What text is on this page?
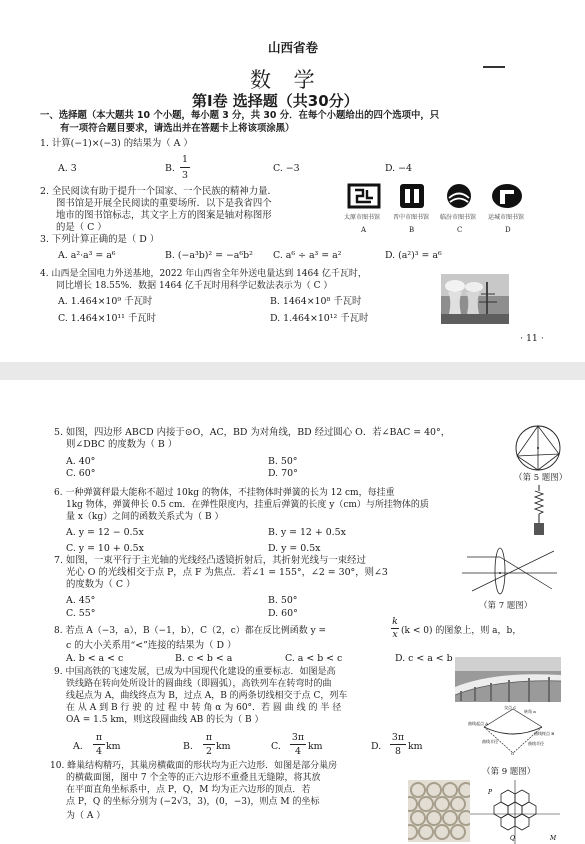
山西省卷
数 学
第Ⅰ卷 选择题（共30分）
一、选择题（本大题共 10 个小题，每小题 3 分，共 30 分．在每个小题给出的四个选项中，只
有一项符合题目要求，请选出并在答题卡上将该项涂黑）
1. 计算(−1)×(−3) 的结果为（ A ）
A. 3	B.
1
3
C. −3	D. −4
2. 全民阅读有助于提升一个国家、一个民族的精神力量．
图书馆是开展全民阅读的重要场所．以下是我省四个
地市的图书馆标志，其文字上方的图案是轴对称图形
的是（ C ）
太原市图书馆 晋中市图书馆 临汾市图书馆 运城市图书馆
A	B	C	D
3. 下列计算正确的是（ D ）
A. a²·a³ = a⁶	B. (−a³b)² = −a⁶b² C. a⁶ ÷ a³ = a²	D. (a²)³ = a⁶
4. 山西是全国电力外送基地，2022 年山西省全年外送电量达到 1464 亿千瓦时，
同比增长 18.55%．数据 1464 亿千瓦时用科学记数法表示为（ C ）
A. 1.464×10⁹ 千瓦时	B. 1464×10⁸ 千瓦时
C. 1.464×10¹¹ 千瓦时	D. 1.464×10¹² 千瓦时
· 11 ·
5. 如图，四边形 ABCD 内接于⊙O，AC，BD 为对角线，BD 经过圆心 O．若∠BAC = 40°，
则∠DBC 的度数为（ B ）
A. 40°	B. 50°
C. 60°	D. 70°	（第 5 题图）
6. 一种弹簧秤最大能称不超过 10kg 的物体，不挂物体时弹簧的长为 12 cm，每挂重
1kg 物体，弹簧伸长 0.5 cm．在弹性限度内，挂重后弹簧的长度 y（cm）与所挂物体的质
量 x（kg）之间的函数关系式为（ B ）
A. y = 12 − 0.5x	B. y = 12 + 0.5x
C. y = 10 + 0.5x	D. y = 0.5x
7. 如图，一束平行于主光轴的光线经凸透镜折射后，其折射光线与一束经过
光心 O 的光线相交于点 P，点 F 为焦点．若∠1 = 155°，∠2 = 30°，则∠3
的度数为（ C ）
A. 45°	B. 50°
C. 55°	D. 60°
（第 7 题图）
8. 若点 A（−3，a），B（−1，b），C（2，c）都在反比例函数 y =
k
x (k < 0) 的图象上，则 a，b，
c 的大小关系用“<”连接的结果为（ D ）
A. b < a < c	B. c < b < a	C. a < b < c	D. c < a < b
9. 中国高铁的飞速发展，已成为中国现代化建设的重要标志．如图是高
铁线路在转向处所设计的圆曲线（即圆弧），高铁列车在转弯时的曲
线起点为 A，曲线终点为 B，过点 A，B 的两条切线相交于点 C，列车
在 从 A 到 B 行 驶 的 过 程 中 转 角 α 为 60°．若 圆 曲 线 的 半 径
OA = 1.5 km，则这段圆曲线 AB 的长为（ B ）
A.
π
4 km	B.
π
2 km	C.
3π
4 km	D.
3π
8 km
交点 C
转角 α
曲线起点 A
曲线终点 B
曲线半径	曲线半径
O
（第 9 题图）
10. 蜂巢结构精巧，其巢房横截面的形状均为正六边形．如图是部分巢房
的横截面图，图中 7 个全等的正六边形不重叠且无缝隙，将其放
在平面直角坐标系中，点 P，Q，M 均为正六边形的顶点．若
点 P，Q 的坐标分别为 (−2√3，3)，(0，−3)，则点 M 的坐标
为（ A ）
P
Q	M
